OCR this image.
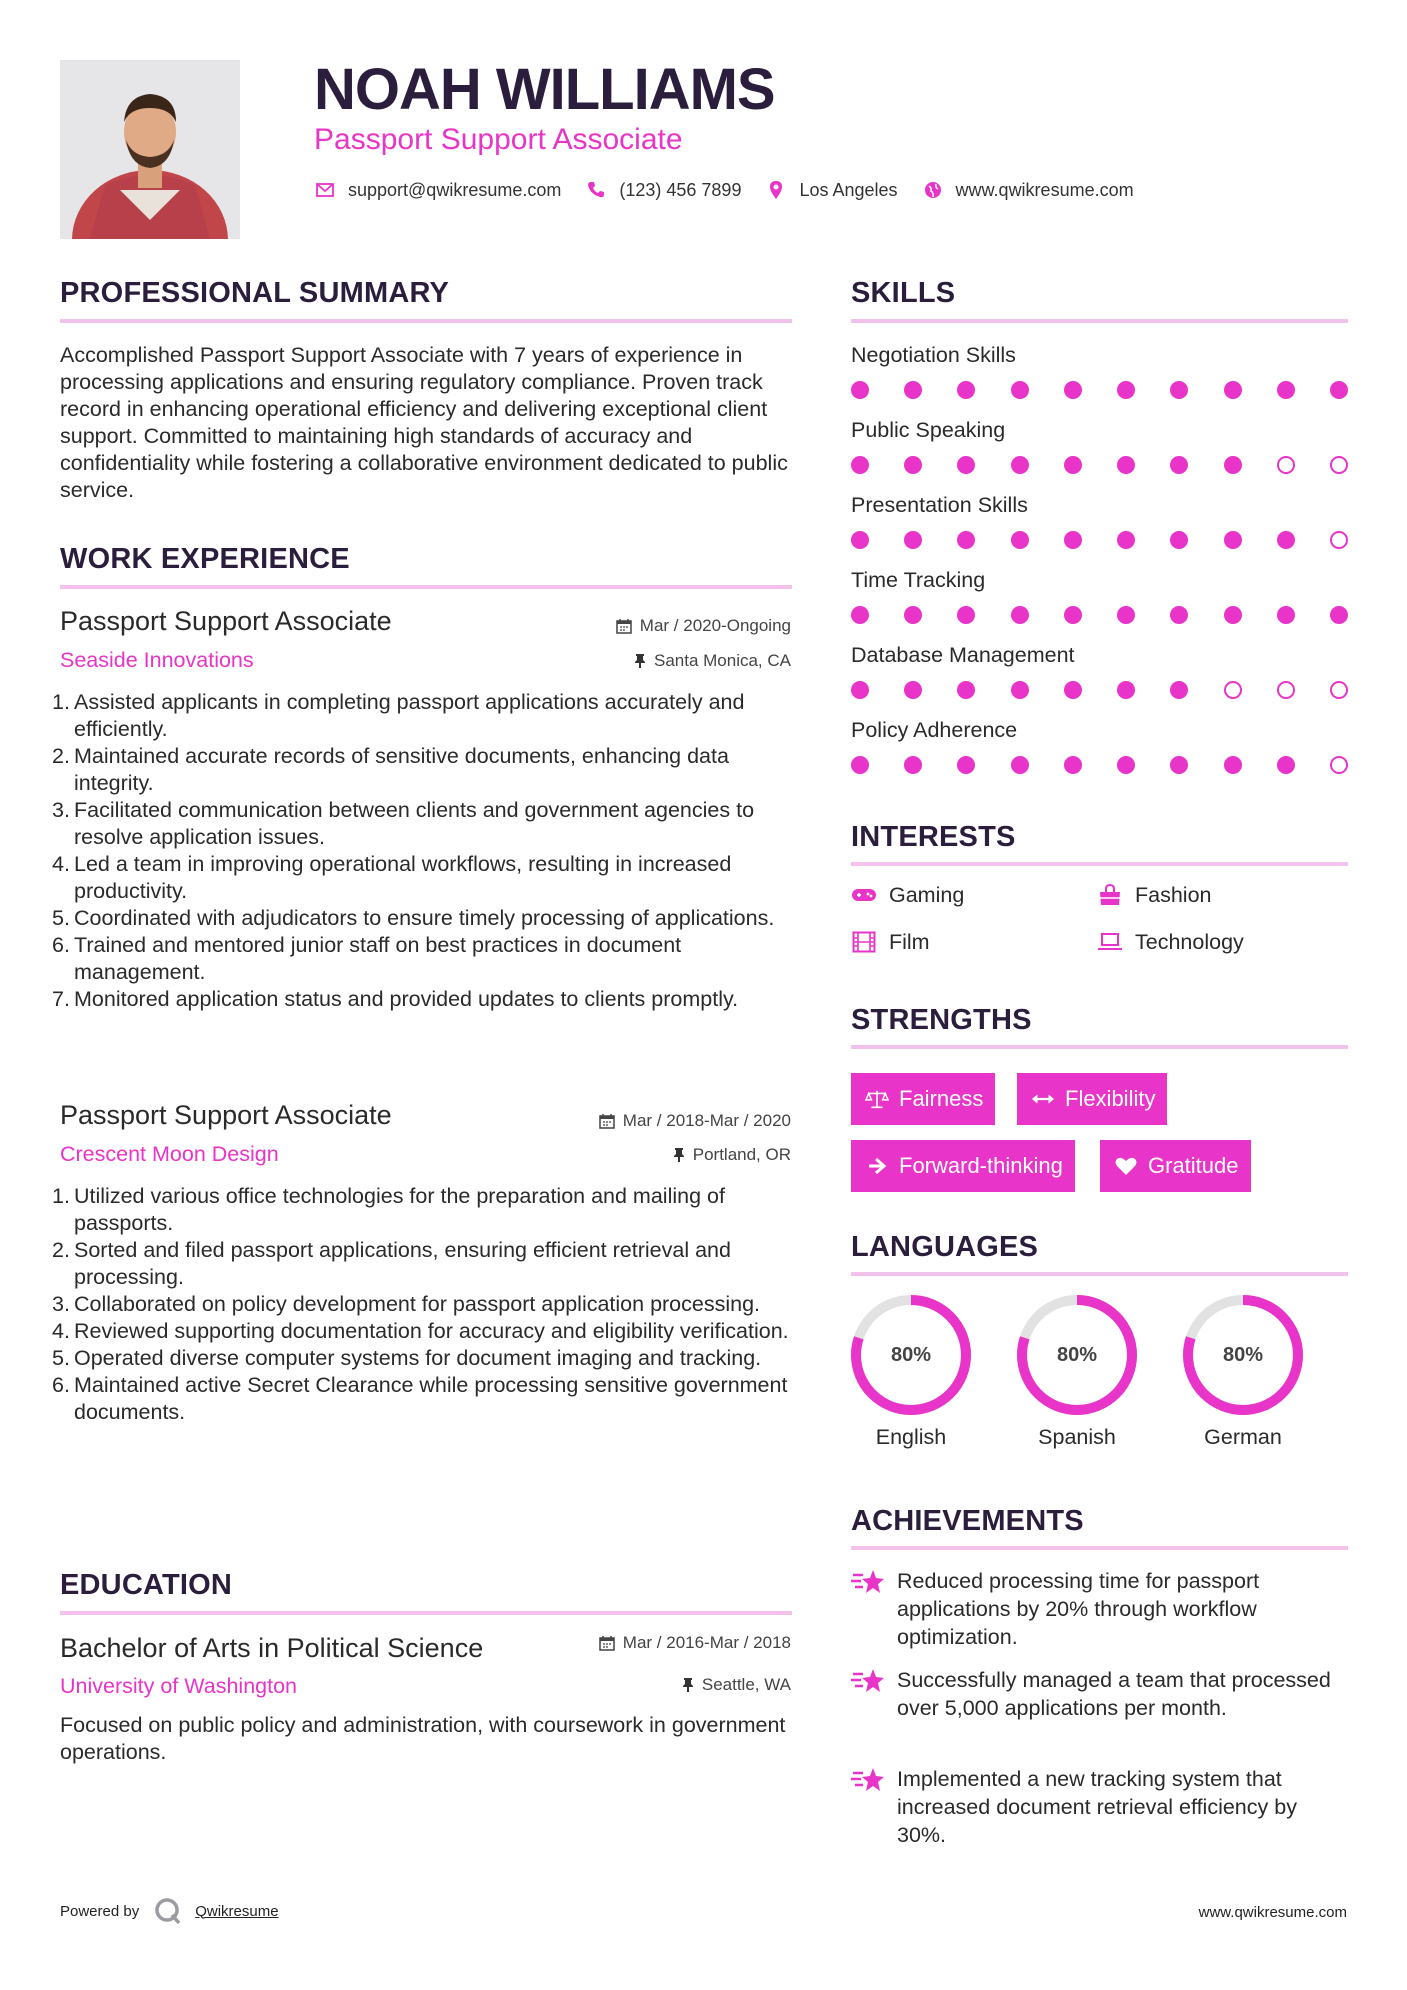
NOAH WILLIAMS
Passport Support Associate
support@qwikresume.com	(123) 456 7899	Los Angeles	www.qwikresume.com
PROFESSIONAL SUMMARY
Accomplished Passport Support Associate with 7 years of experience in processing applications and ensuring regulatory compliance. Proven track record in enhancing operational efficiency and delivering exceptional client support. Committed to maintaining high standards of accuracy and confidentiality while fostering a collaborative environment dedicated to public service.
WORK EXPERIENCE
Passport Support Associate	Mar / 2020-Ongoing
Seaside Innovations	Santa Monica, CA
1. Assisted applicants in completing passport applications accurately and efficiently.
2. Maintained accurate records of sensitive documents, enhancing data integrity.
3. Facilitated communication between clients and government agencies to resolve application issues.
4. Led a team in improving operational workflows, resulting in increased productivity.
5. Coordinated with adjudicators to ensure timely processing of applications.
6. Trained and mentored junior staff on best practices in document management.
7. Monitored application status and provided updates to clients promptly.
Passport Support Associate	Mar / 2018-Mar / 2020
Crescent Moon Design	Portland, OR
1. Utilized various office technologies for the preparation and mailing of passports.
2. Sorted and filed passport applications, ensuring efficient retrieval and processing.
3. Collaborated on policy development for passport application processing.
4. Reviewed supporting documentation for accuracy and eligibility verification.
5. Operated diverse computer systems for document imaging and tracking.
6. Maintained active Secret Clearance while processing sensitive government documents.
EDUCATION
Bachelor of Arts in Political Science	Mar / 2016-Mar / 2018
University of Washington	Seattle, WA
Focused on public policy and administration, with coursework in government operations.
SKILLS
Negotiation Skills
Public Speaking
Presentation Skills
Time Tracking
Database Management
Policy Adherence
INTERESTS
Gaming	Fashion
Film	Technology
STRENGTHS
Fairness	Flexibility
Forward-thinking	Gratitude
LANGUAGES
80%
English
80%
Spanish
80%
German
ACHIEVEMENTS
Reduced processing time for passport applications by 20% through workflow optimization.
Successfully managed a team that processed over 5,000 applications per month.
Implemented a new tracking system that increased document retrieval efficiency by 30%.
Powered by	Qwikresume	www.qwikresume.com
